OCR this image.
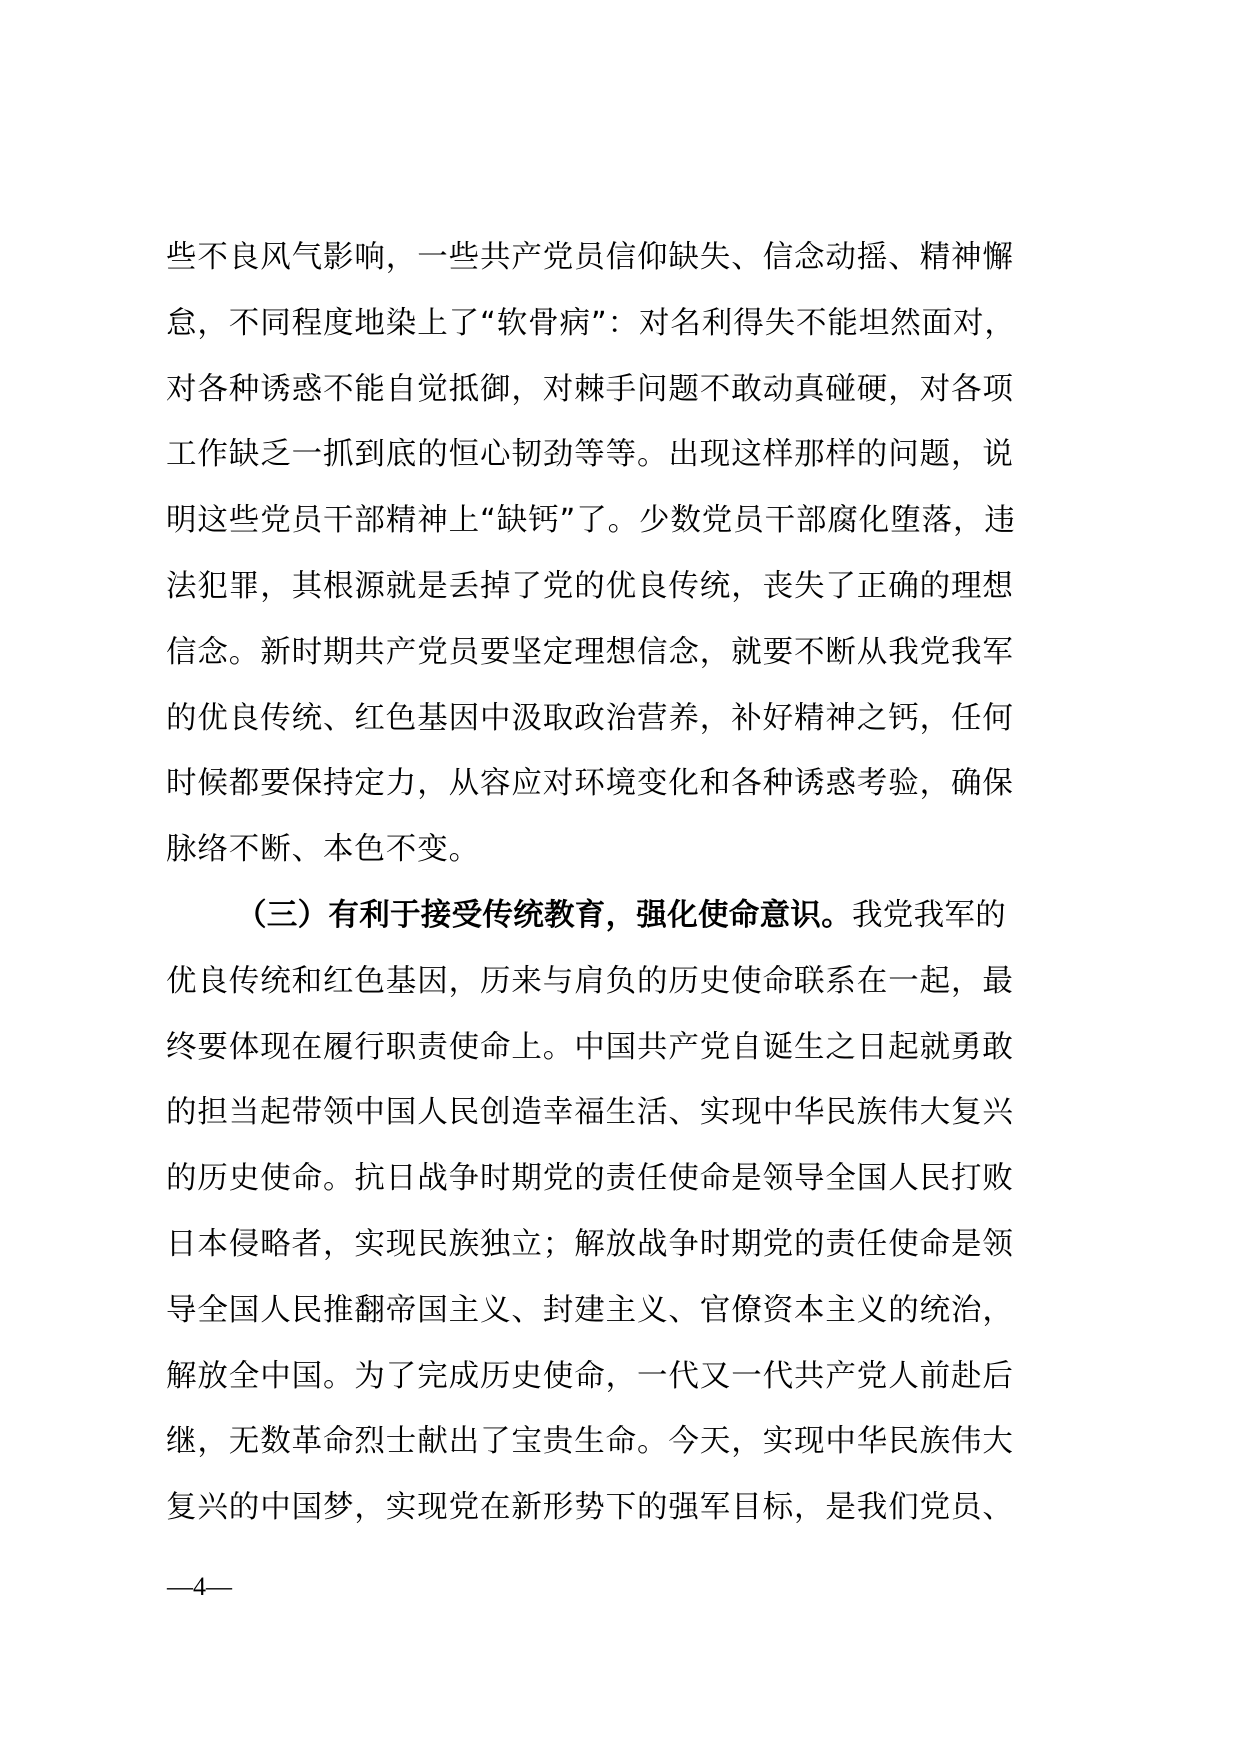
些不良风气影响，一些共产党员信仰缺失、信念动摇、精神懈
怠，不同程度地染上了“软骨病”：对名利得失不能坦然面对，
对各种诱惑不能自觉抵御，对棘手问题不敢动真碰硬，对各项
工作缺乏一抓到底的恒心韧劲等等。出现这样那样的问题，说
明这些党员干部精神上“缺钙”了。少数党员干部腐化堕落，违
法犯罪，其根源就是丢掉了党的优良传统，丧失了正确的理想
信念。新时期共产党员要坚定理想信念，就要不断从我党我军
的优良传统、红色基因中汲取政治营养，补好精神之钙，任何
时候都要保持定力，从容应对环境变化和各种诱惑考验，确保
脉络不断、本色不变。
（三）有利于接受传统教育，强化使命意识。我党我军的
优良传统和红色基因，历来与肩负的历史使命联系在一起，最
终要体现在履行职责使命上。中国共产党自诞生之日起就勇敢
的担当起带领中国人民创造幸福生活、实现中华民族伟大复兴
的历史使命。抗日战争时期党的责任使命是领导全国人民打败
日本侵略者，实现民族独立；解放战争时期党的责任使命是领
导全国人民推翻帝国主义、封建主义、官僚资本主义的统治，
解放全中国。为了完成历史使命，一代又一代共产党人前赴后
继，无数革命烈士献出了宝贵生命。今天，实现中华民族伟大
复兴的中国梦，实现党在新形势下的强军目标，是我们党员、
—4—
